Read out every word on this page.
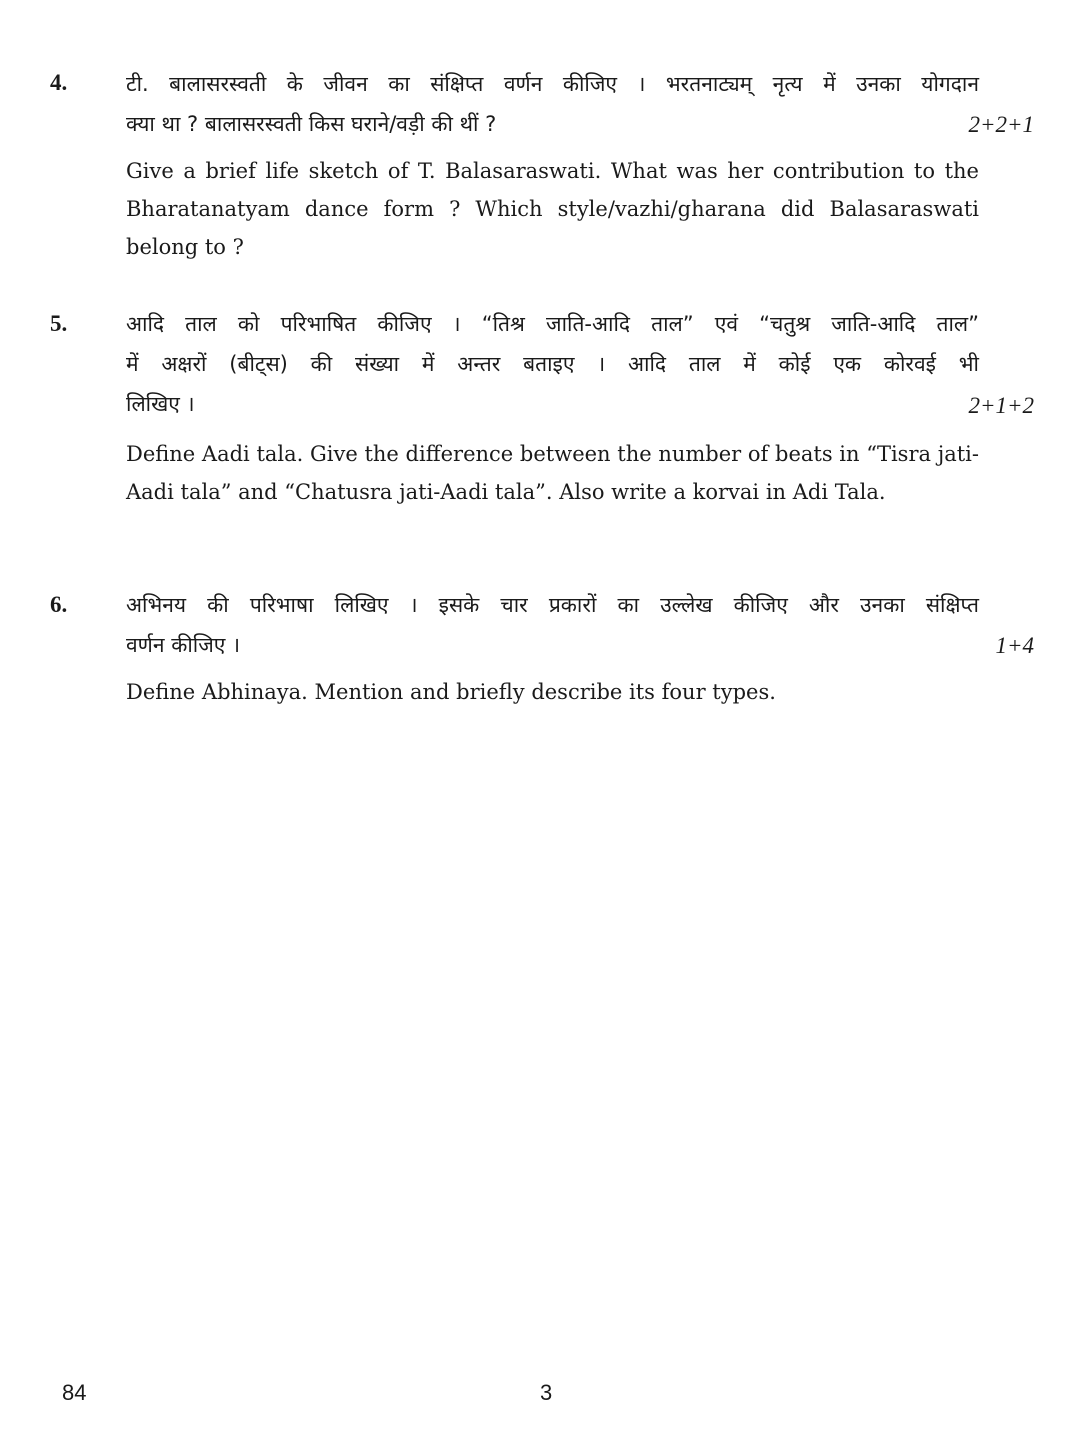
4.	टी. बालासरस्वती के जीवन का संक्षिप्त वर्णन कीजिए । भरतनाट्यम् नृत्य में उनका योगदान
क्या था ? बालासरस्वती किस घराने/वड़ी की थीं ?	2+2+1
Give a brief life sketch of T. Balasaraswati. What was her contribution to the Bharatanatyam dance form ? Which style/vazhi/gharana did Balasaraswati belong to ?
5.	आदि ताल को परिभाषित कीजिए । “तिश्र जाति-आदि ताल” एवं “चतुश्र जाति-आदि ताल”
में अक्षरों (बीट्स) की संख्या में अन्तर बताइए । आदि ताल में कोई एक कोरवई भी
लिखिए ।	2+1+2
Define Aadi tala. Give the difference between the number of beats in “Tisra jati-Aadi tala” and “Chatusra jati-Aadi tala”. Also write a korvai in Adi Tala.
6.	अभिनय की परिभाषा लिखिए । इसके चार प्रकारों का उल्लेख कीजिए और उनका संक्षिप्त
वर्णन कीजिए ।	1+4
Define Abhinaya. Mention and briefly describe its four types.
84	3
